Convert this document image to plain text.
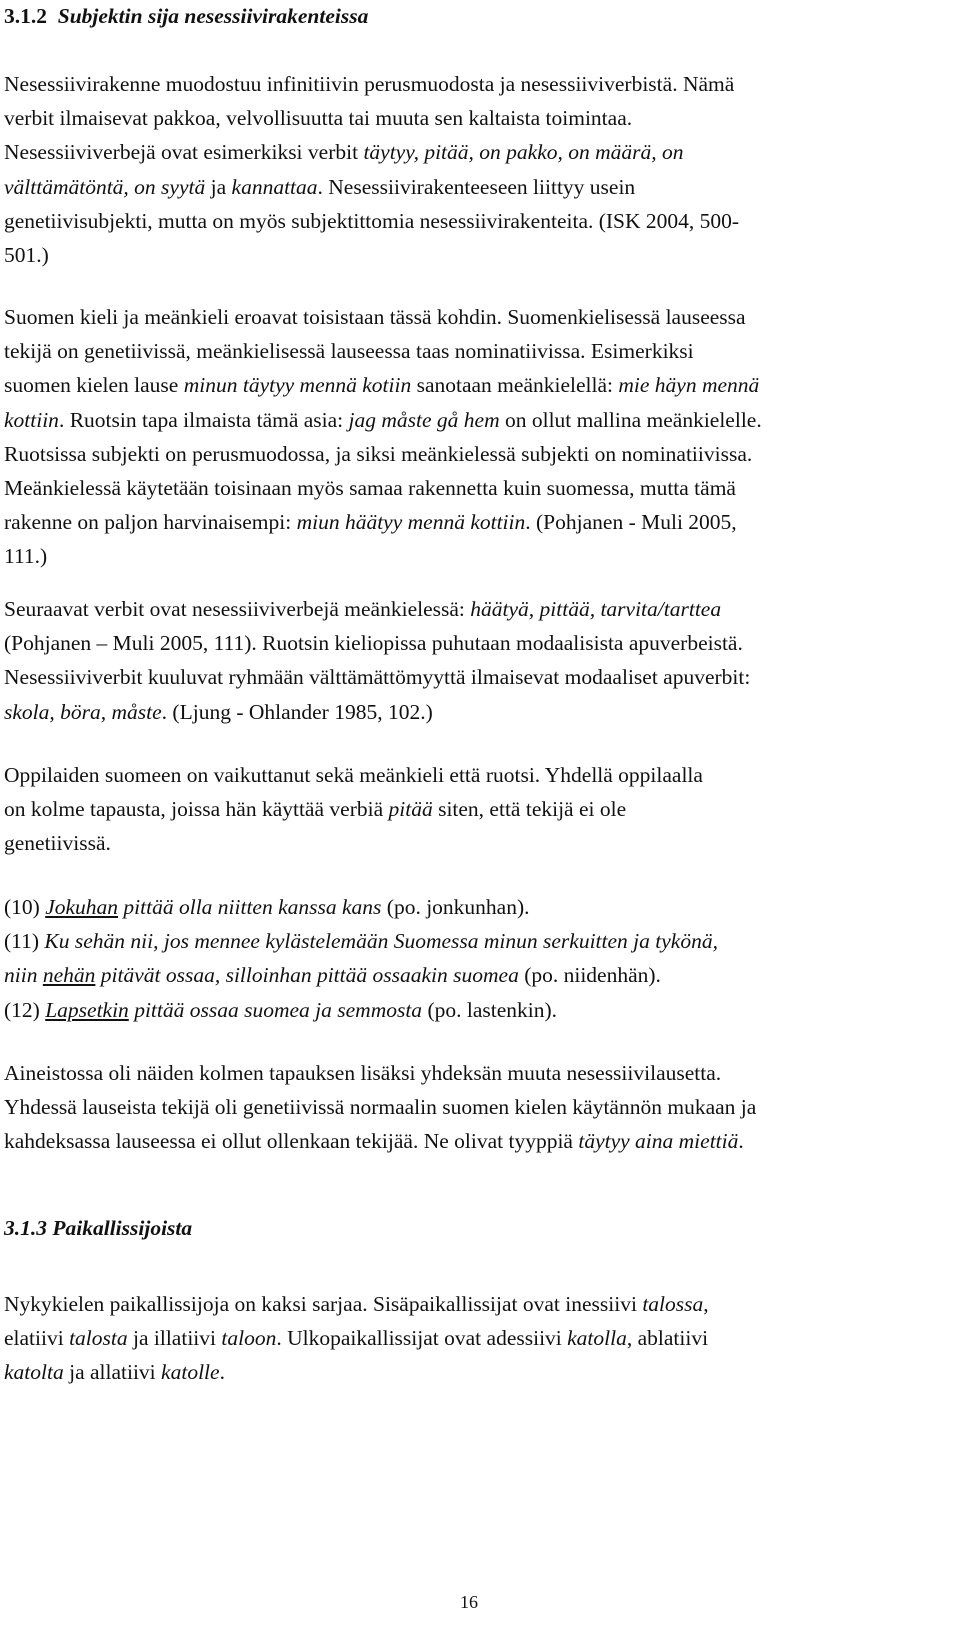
3.1.2 Subjektin sija nesessiivirakenteissa
Nesessiivirakenne muodostuu infinitiivin perusmuodosta ja nesessiiviverbistä. Nämä
verbit ilmaisevat pakkoa, velvollisuutta tai muuta sen kaltaista toimintaa.
Nesessiiviverbejä ovat esimerkiksi verbit täytyy, pitää, on pakko, on määrä, on
välttämätöntä, on syytä ja kannattaa. Nesessiivirakenteeseen liittyy usein
genetiivisubjekti, mutta on myös subjektittomia nesessiivirakenteita. (ISK 2004, 500-
501.)
Suomen kieli ja meänkieli eroavat toisistaan tässä kohdin. Suomenkielisessä lauseessa
tekijä on genetiivissä, meänkielisessä lauseessa taas nominatiivissa. Esimerkiksi
suomen kielen lause minun täytyy mennä kotiin sanotaan meänkielellä: mie häyn mennä
kottiin. Ruotsin tapa ilmaista tämä asia: jag måste gå hem on ollut mallina meänkielelle.
Ruotsissa subjekti on perusmuodossa, ja siksi meänkielessä subjekti on nominatiivissa.
Meänkielessä käytetään toisinaan myös samaa rakennetta kuin suomessa, mutta tämä
rakenne on paljon harvinaisempi: miun häätyy mennä kottiin. (Pohjanen - Muli 2005,
111.)
Seuraavat verbit ovat nesessiiviverbejä meänkielessä: häätyä, pittää, tarvita/tarttea
(Pohjanen – Muli 2005, 111). Ruotsin kieliopissa puhutaan modaalisista apuverbeistä.
Nesessiiviverbit kuuluvat ryhmään välttämättömyyttä ilmaisevat modaaliset apuverbit:
skola, böra, måste. (Ljung - Ohlander 1985, 102.)
Oppilaiden suomeen on vaikuttanut sekä meänkieli että ruotsi. Yhdellä oppilaalla
on kolme tapausta, joissa hän käyttää verbiä pitää siten, että tekijä ei ole
genetiivissä.
(10) Jokuhan pittää olla niitten kanssa kans (po. jonkunhan).
(11) Ku sehän nii, jos mennee kylästelemään Suomessa minun serkuitten ja tykönä,
niin nehän pitävät ossaa, silloinhan pittää ossaakin suomea (po. niidenhän).
(12) Lapsetkin pittää ossaa suomea ja semmosta (po. lastenkin).
Aineistossa oli näiden kolmen tapauksen lisäksi yhdeksän muuta nesessiivilausetta.
Yhdessä lauseista tekijä oli genetiivissä normaalin suomen kielen käytännön mukaan ja
kahdeksassa lauseessa ei ollut ollenkaan tekijää. Ne olivat tyyppiä täytyy aina miettiä.
3.1.3 Paikallissijoista
Nykykielen paikallissijoja on kaksi sarjaa. Sisäpaikallissijat ovat inessiivi talossa,
elatiivi talosta ja illatiivi taloon. Ulkopaikallissijat ovat adessiivi katolla, ablatiivi
katolta ja allatiivi katolle.
16
